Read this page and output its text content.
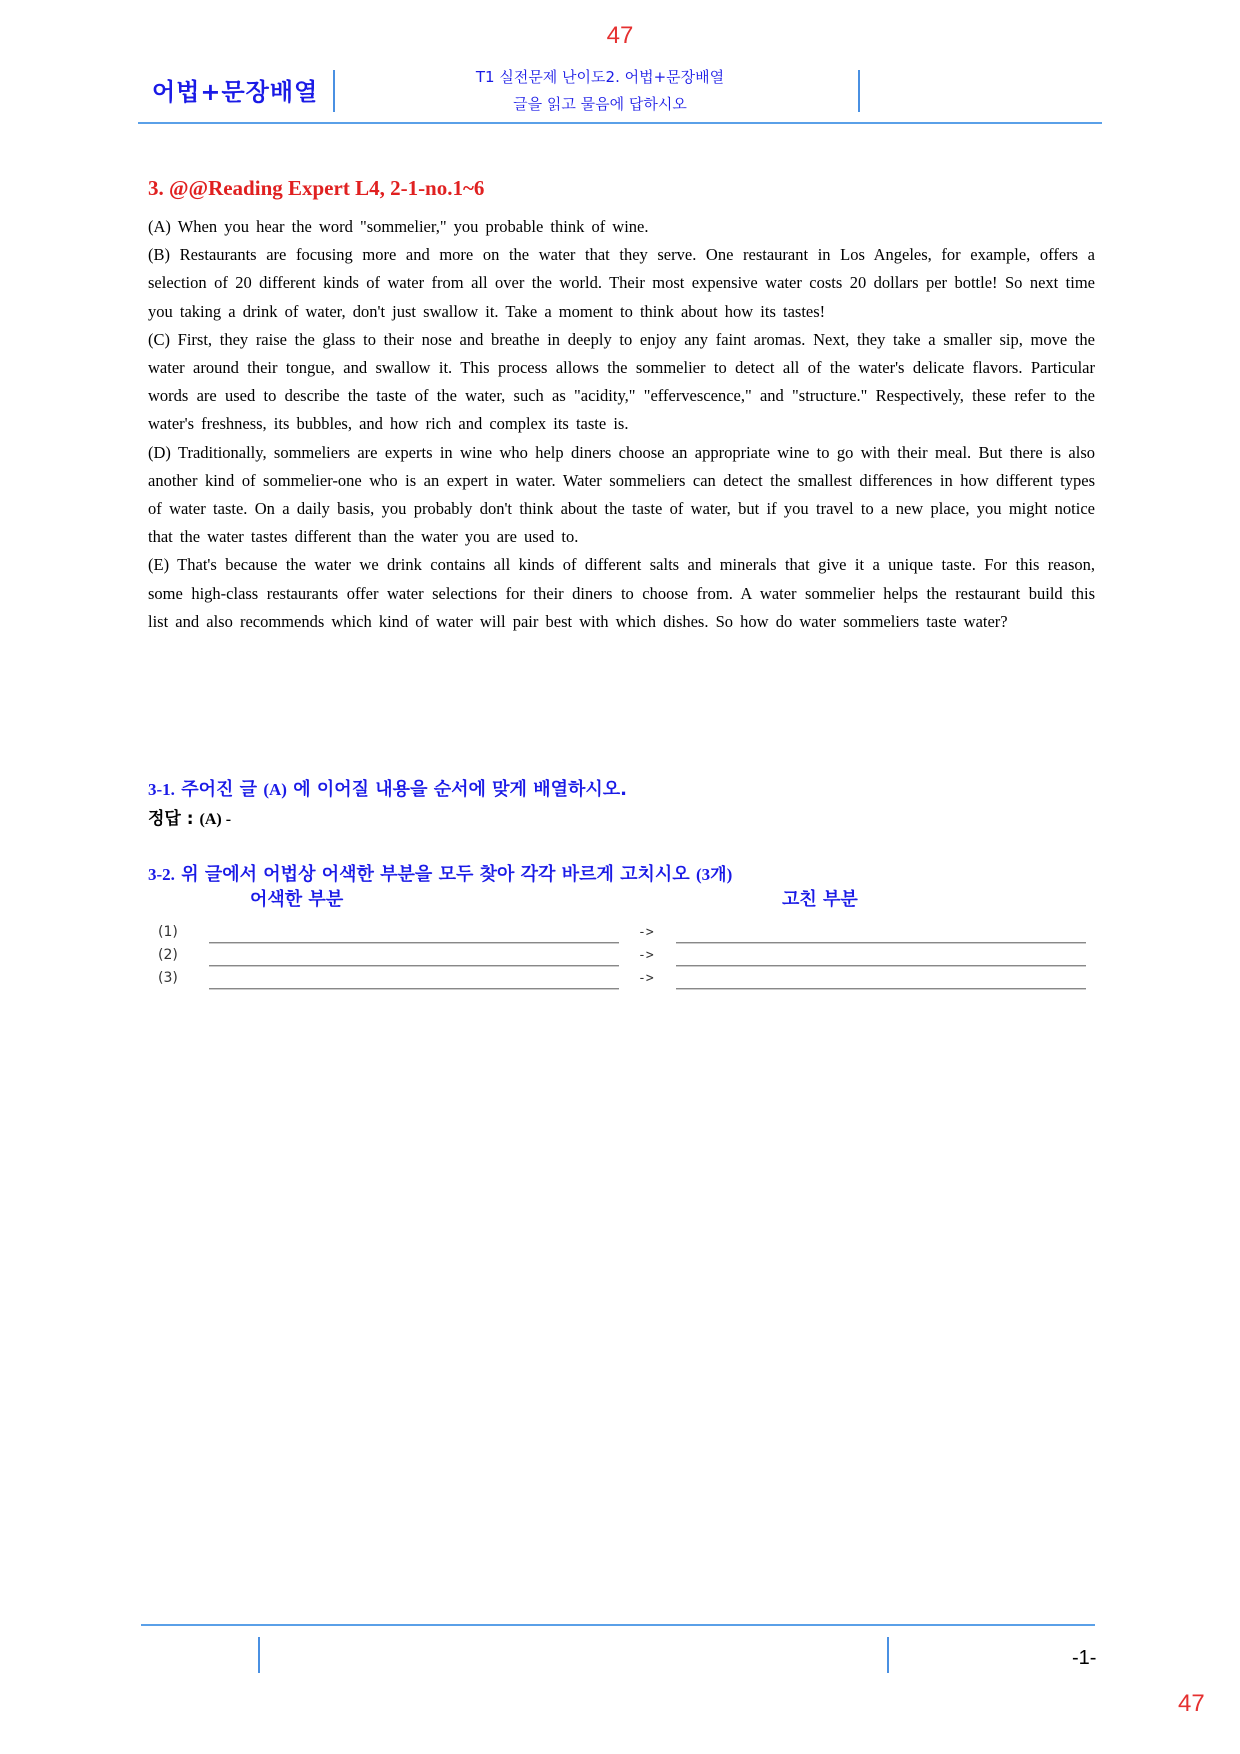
47
어법+문장배열
T1 실전문제 난이도2. 어법+문장배열
글을 읽고 물음에 답하시오
3. @@Reading Expert L4, 2-1-no.1~6

(A) When you hear the word "sommelier," you probable think of wine.

(B) Restaurants are focusing more and more on the water that they serve. One restaurant in Los Angeles, for example, offers a selection of 20 different kinds of water from all over the world. Their most expensive water costs 20 dollars per bottle! So next time you taking a drink of water, don't just swallow it. Take a moment to think about how its tastes!

(C) First, they raise the glass to their nose and breathe in deeply to enjoy any faint aromas. Next, they take a smaller sip, move the water around their tongue, and swallow it. This process allows the sommelier to detect all of the water's delicate flavors. Particular words are used to describe the taste of the water, such as "acidity," "effervescence," and "structure." Respectively, these refer to the water's freshness, its bubbles, and how rich and complex its taste is.

(D) Traditionally, sommeliers are experts in wine who help diners choose an appropriate wine to go with their meal. But there is also another kind of sommelier-one who is an expert in water. Water sommeliers can detect the smallest differences in how different types of water taste. On a daily basis, you probably don't think about the taste of water, but if you travel to a new place, you might notice that the water tastes different than the water you are used to.

(E) That's because the water we drink contains all kinds of different salts and minerals that give it a unique taste. For this reason, some high-class restaurants offer water selections for their diners to choose from. A water sommelier helps the restaurant build this list and also recommends which kind of water will pair best with which dishes. So how do water sommeliers taste water?

3-1. 주어진 글 (A) 에 이어질 내용을 순서에 맞게 배열하시오.
정답 : (A) -
3-2. 위 글에서 어법상 어색한 부분을 모두 찾아 각각 바르게 고치시오 (3개)
어색한 부분	고친 부분
(1)	->
(2)	->
(3)	->
-1-
47
